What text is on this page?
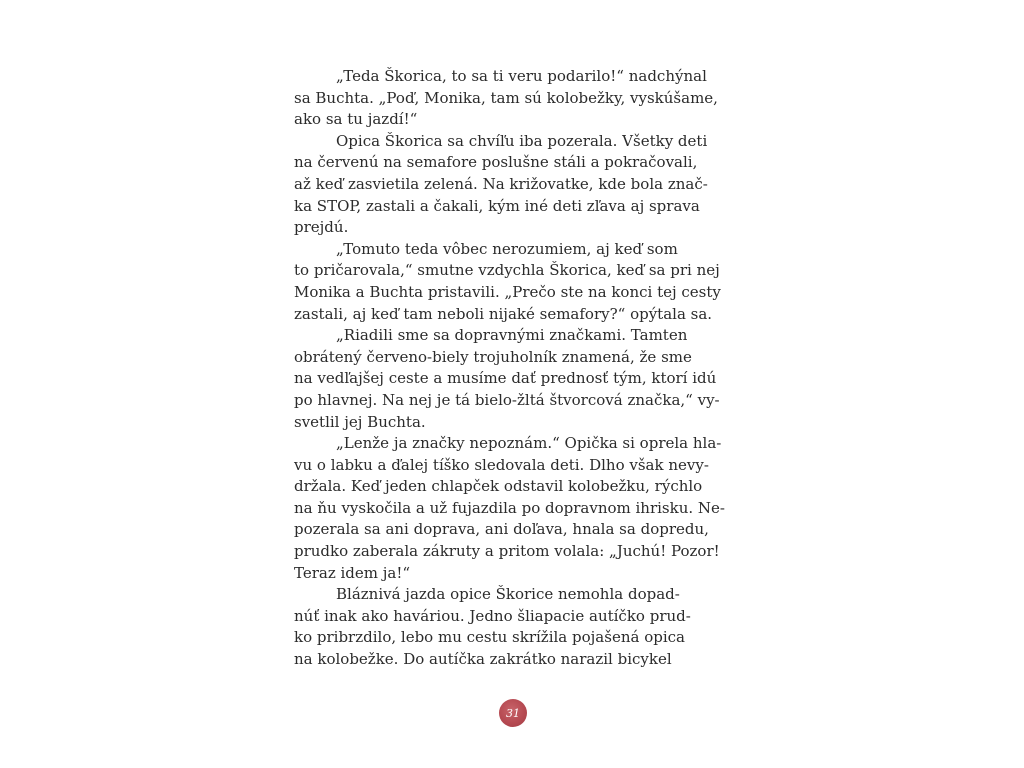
„Teda Škorica, to sa ti veru podarilo!“ nadchýnal
sa Buchta. „Poď, Monika, tam sú kolobežky, vyskúšame,
ako sa tu jazdí!“
Opica Škorica sa chvíľu iba pozerala. Všetky deti
na červenú na semafore poslušne stáli a pokračovali,
až keď zasvietila zelená. Na križovatke, kde bola znač-
ka STOP, zastali a čakali, kým iné deti zľava aj sprava
prejdú.
„Tomuto teda vôbec nerozumiem, aj keď som
to pričarovala,“ smutne vzdychla Škorica, keď sa pri nej
Monika a Buchta pristavili. „Prečo ste na konci tej cesty
zastali, aj keď tam neboli nijaké semafory?“ opýtala sa.
„Riadili sme sa dopravnými značkami. Tamten
obrátený červeno-biely trojuholník znamená, že sme
na vedľajšej ceste a musíme dať prednosť tým, ktorí idú
po hlavnej. Na nej je tá bielo-žltá štvorcová značka,“ vy-
svetlil jej Buchta.
„Lenže ja značky nepoznám.“ Opička si oprela hla-
vu o labku a ďalej tíško sledovala deti. Dlho však nevy-
držala. Keď jeden chlapček odstavil kolobežku, rýchlo
na ňu vyskočila a už fujazdila po dopravnom ihrisku. Ne-
pozerala sa ani doprava, ani doľava, hnala sa dopredu,
prudko zaberala zákruty a pritom volala: „Juchú! Pozor!
Teraz idem ja!“
Bláznivá jazda opice Škorice nemohla dopad-
núť inak ako haváriou. Jedno šliapacie autíčko prud-
ko pribrzdilo, lebo mu cestu skrížila pojašená opica
na kolobežke. Do autíčka zakrátko narazil bicykel
31
